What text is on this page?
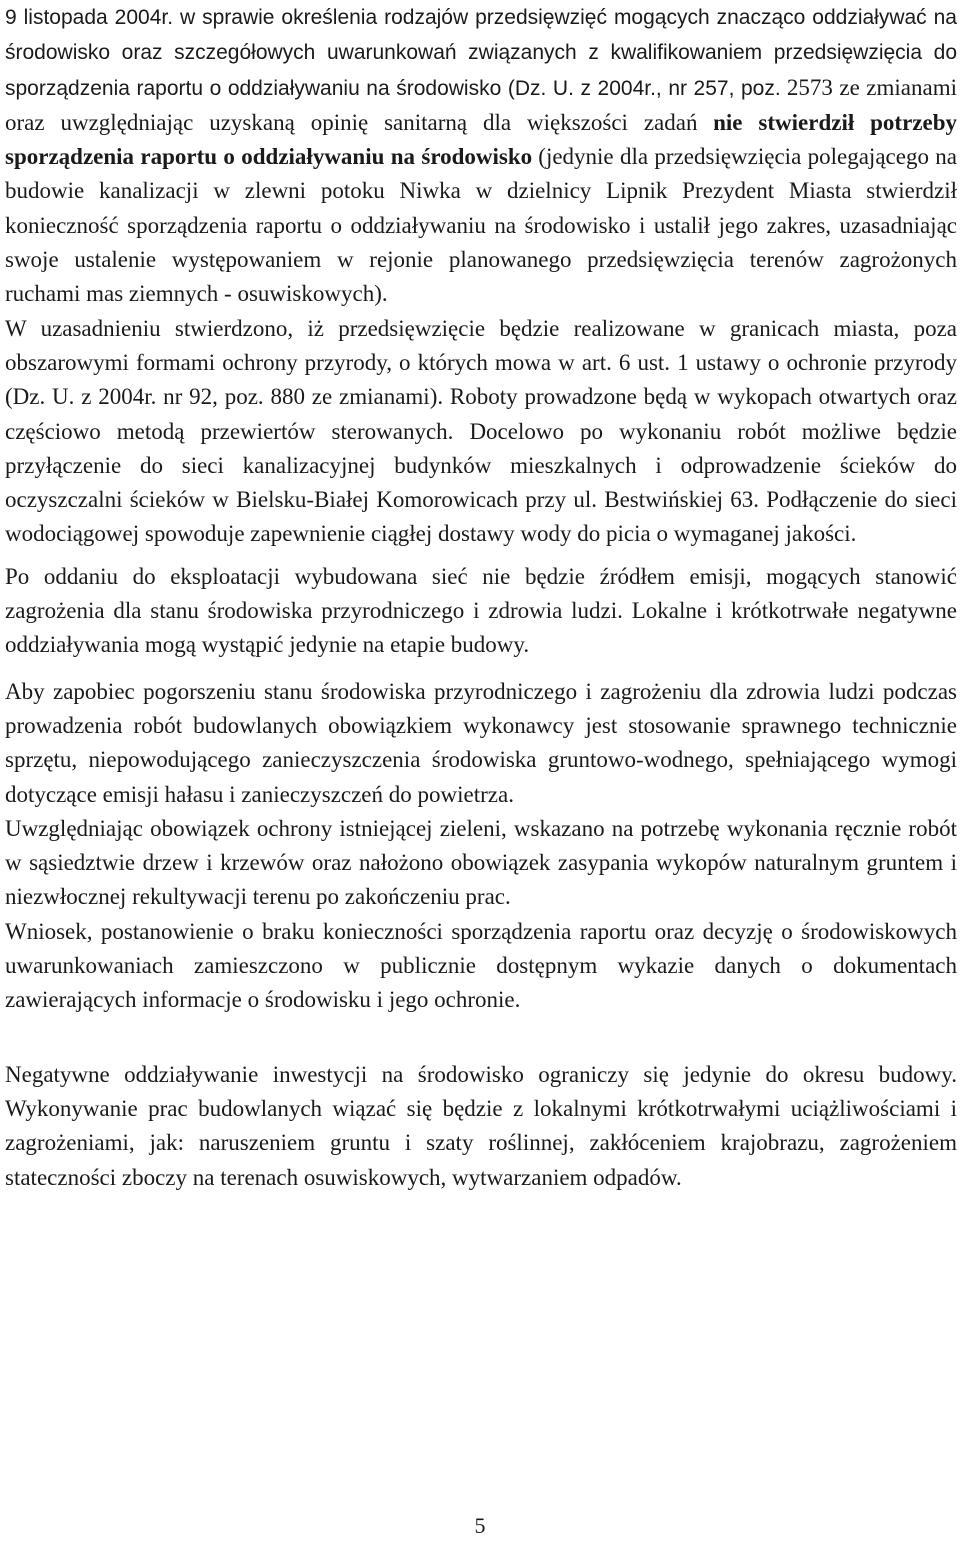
9 listopada 2004r. w sprawie określenia rodzajów przedsięwzięć mogących znacząco oddziaływać na środowisko oraz szczegółowych uwarunkowań związanych z kwalifikowaniem przedsięwzięcia do sporządzenia raportu o oddziaływaniu na środowisko (Dz. U. z 2004r., nr 257, poz. 2573 ze zmianami oraz uwzględniając uzyskaną opinię sanitarną dla większości zadań nie stwierdził potrzeby sporządzenia raportu o oddziaływaniu na środowisko (jedynie dla przedsięwzięcia polegającego na budowie kanalizacji w zlewni potoku Niwka w dzielnicy Lipnik Prezydent Miasta stwierdził konieczność sporządzenia raportu o oddziaływaniu na środowisko i ustalił jego zakres, uzasadniając swoje ustalenie występowaniem w rejonie planowanego przedsięwzięcia terenów zagrożonych ruchami mas ziemnych - osuwiskowych).

W uzasadnieniu stwierdzono, iż przedsięwzięcie będzie realizowane w granicach miasta, poza obszarowymi formami ochrony przyrody, o których mowa w art. 6 ust. 1 ustawy o ochronie przyrody (Dz. U. z 2004r. nr 92, poz. 880 ze zmianami). Roboty prowadzone będą w wykopach otwartych oraz częściowo metodą przewiertów sterowanych. Docelowo po wykonaniu robót możliwe będzie przyłączenie do sieci kanalizacyjnej budynków mieszkalnych i odprowadzenie ścieków do oczyszczalni ścieków w Bielsku-Białej Komorowicach przy ul. Bestwińskiej 63. Podłączenie do sieci wodociągowej spowoduje zapewnienie ciągłej dostawy wody do picia o wymaganej jakości.

Po oddaniu do eksploatacji wybudowana sieć nie będzie źródłem emisji, mogących stanowić zagrożenia dla stanu środowiska przyrodniczego i zdrowia ludzi. Lokalne i krótkotrwałe negatywne oddziaływania mogą wystąpić jedynie na etapie budowy.

Aby zapobiec pogorszeniu stanu środowiska przyrodniczego i zagrożeniu dla zdrowia ludzi podczas prowadzenia robót budowlanych obowiązkiem wykonawcy jest stosowanie sprawnego technicznie sprzętu, niepowodującego zanieczyszczenia środowiska gruntowo-wodnego, spełniającego wymogi dotyczące emisji hałasu i zanieczyszczeń do powietrza.

Uwzględniając obowiązek ochrony istniejącej zieleni, wskazano na potrzebę wykonania ręcznie robót w sąsiedztwie drzew i krzewów oraz nałożono obowiązek zasypania wykopów naturalnym gruntem i niezwłocznej rekultywacji terenu po zakończeniu prac.

Wniosek, postanowienie o braku konieczności sporządzenia raportu oraz decyzję o środowiskowych uwarunkowaniach zamieszczono w publicznie dostępnym wykazie danych o dokumentach zawierających informacje o środowisku i jego ochronie.

Negatywne oddziaływanie inwestycji na środowisko ograniczy się jedynie do okresu budowy. Wykonywanie prac budowlanych wiązać się będzie z lokalnymi krótkotrwałymi uciążliwościami i zagrożeniami, jak: naruszeniem gruntu i szaty roślinnej, zakłóceniem krajobrazu, zagrożeniem stateczności zboczy na terenach osuwiskowych, wytwarzaniem odpadów.

5
